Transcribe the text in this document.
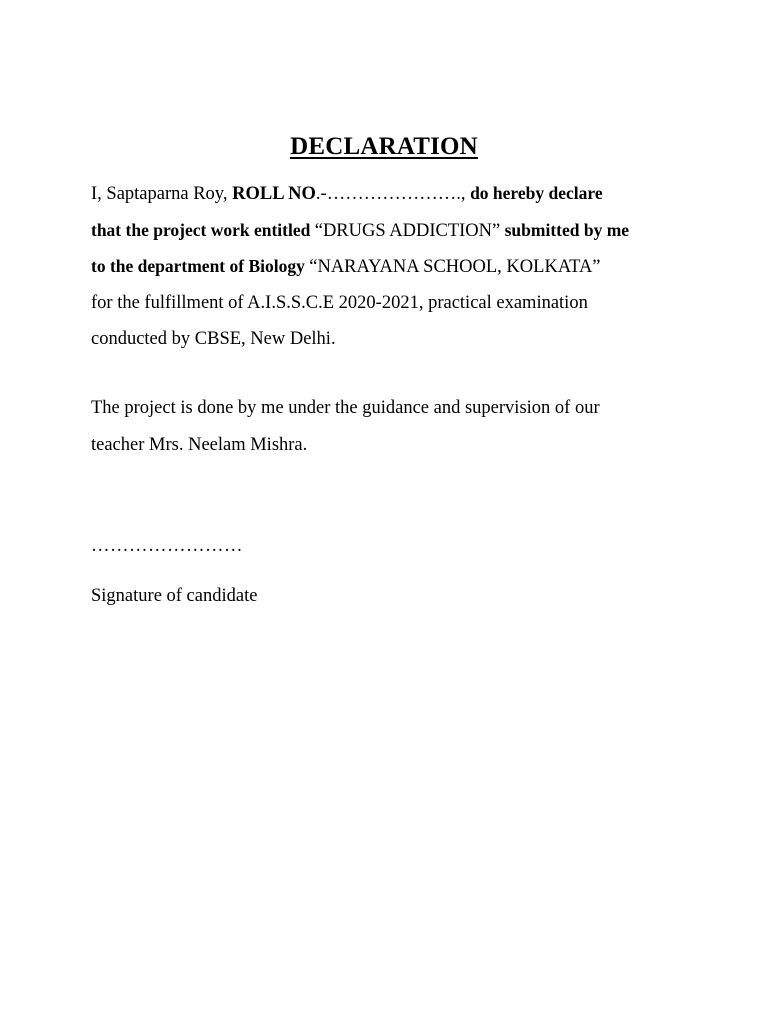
DECLARATION
I, Saptaparna Roy, ROLL NO.-…………………., do hereby declare
that the project work entitled “DRUGS ADDICTION” submitted by me
to the department of Biology “NARAYANA SCHOOL, KOLKATA”
for the fulfillment of A.I.S.S.C.E 2020-2021, practical examination
conducted by CBSE, New Delhi.
The project is done by me under the guidance and supervision of our
teacher Mrs. Neelam Mishra.
……………………
Signature of candidate
